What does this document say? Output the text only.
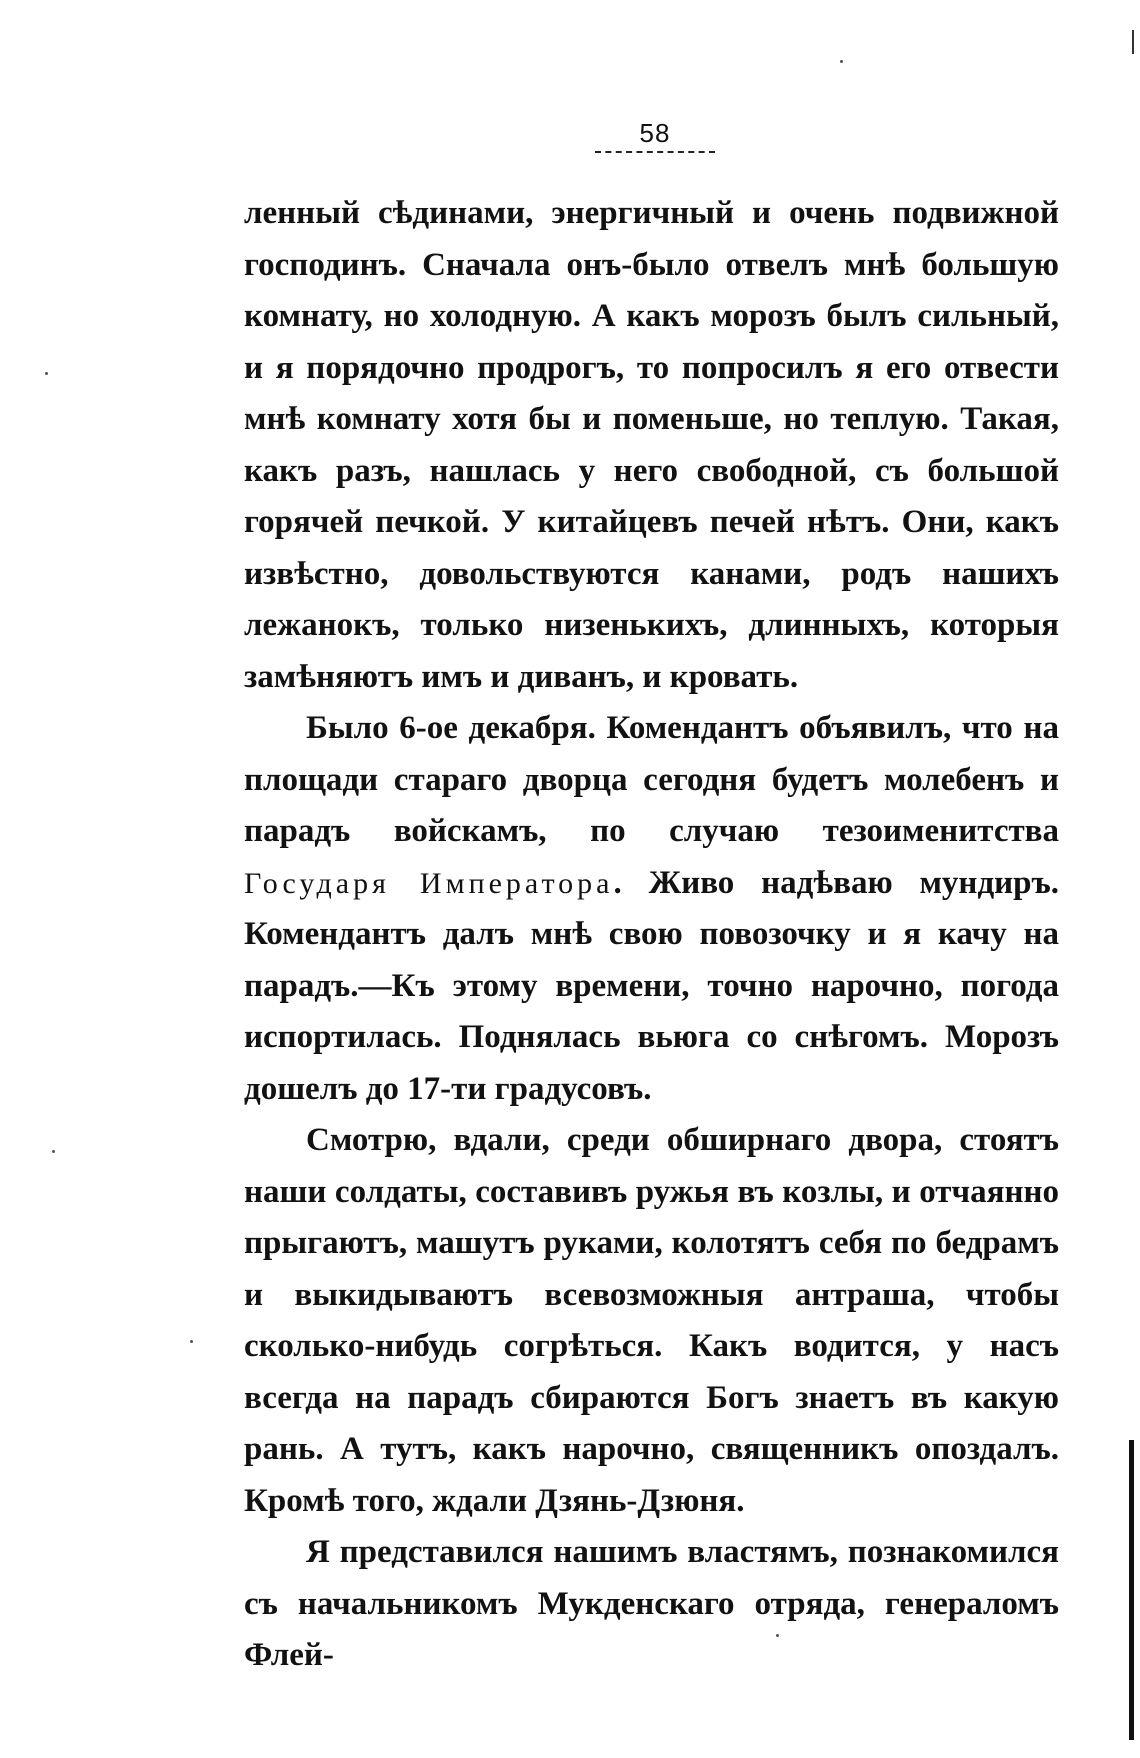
58

ленный сѣдинами, энергичный и очень подвижной господинъ. Сначала онъ-было отвелъ мнѣ большую комнату, но холодную. А какъ морозъ былъ сильный, и я порядочно продрогъ, то попросилъ я его отвести мнѣ комнату хотя бы и поменьше, но теплую. Такая, какъ разъ, нашлась у него свободной, съ большой горячей печкой. У китайцевъ печей нѣтъ. Они, какъ извѣстно, довольствуются канами, родъ нашихъ лежанокъ, только низенькихъ, длинныхъ, которыя замѣняютъ имъ и диванъ, и кровать.

Было 6-ое декабря. Комендантъ объявилъ, что на площади стараго дворца сегодня будетъ молебенъ и парадъ войскамъ, по случаю тезоименитства Государя Императора. Живо надѣваю мундиръ. Комендантъ далъ мнѣ свою повозочку и я качу на парадъ.—Къ этому времени, точно нарочно, погода испортилась. Поднялась вьюга со снѣгомъ. Морозъ дошелъ до 17-ти градусовъ.

Смотрю, вдали, среди обширнаго двора, стоятъ наши солдаты, составивъ ружья въ козлы, и отчаянно прыгаютъ, машутъ руками, колотятъ себя по бедрамъ и выкидываютъ всевозможныя антраша, чтобы сколько-нибудь согрѣться. Какъ водится, у насъ всегда на парадъ сбираются Богъ знаетъ въ какую рань. А тутъ, какъ нарочно, священникъ опоздалъ. Кромѣ того, ждали Дзянь-Дзюня.

Я представился нашимъ властямъ, познакомился съ начальникомъ Мукденскаго отряда, генераломъ Флей-
